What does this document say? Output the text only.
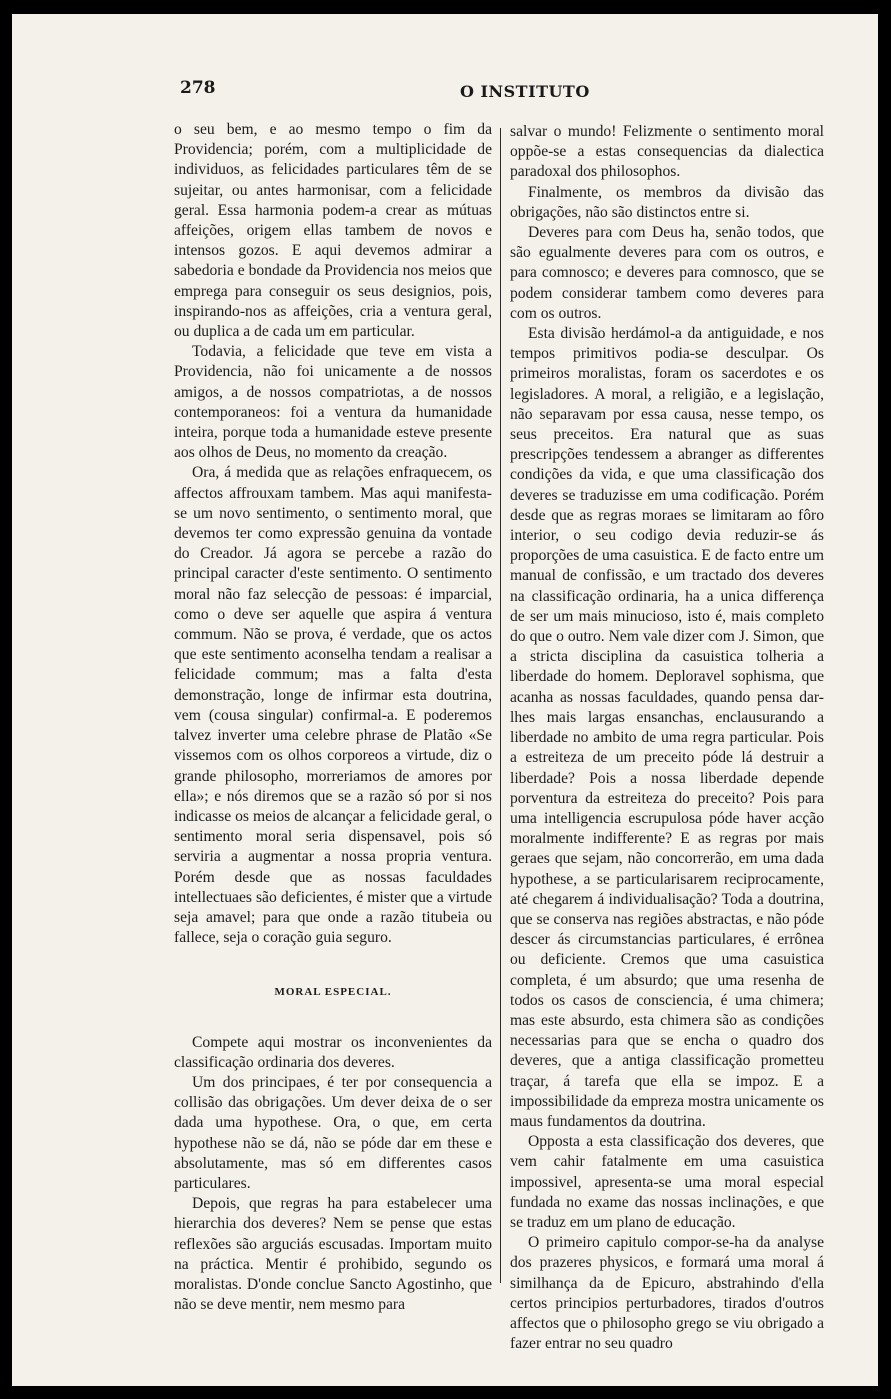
278	O INSTITUTO

o seu bem, e ao mesmo tempo o fim da Providencia; porém, com a multiplicidade de individuos, as felicidades particulares têm de se sujeitar, ou antes harmonisar, com a felicidade geral. Essa harmonia podem-a crear as mútuas affeições, origem ellas tambem de novos e intensos gozos. E aqui devemos admirar a sabedoria e bondade da Providencia nos meios que emprega para conseguir os seus designios, pois, inspirando-nos as affeições, cria a ventura geral, ou duplica a de cada um em particular.

Todavia, a felicidade que teve em vista a Providencia, não foi unicamente a de nossos amigos, a de nossos compatriotas, a de nossos contemporaneos: foi a ventura da humanidade inteira, porque toda a humanidade esteve presente aos olhos de Deus, no momento da creação.

Ora, á medida que as relações enfraquecem, os affectos affrouxam tambem. Mas aqui manifesta-se um novo sentimento, o sentimento moral, que devemos ter como expressão genuina da vontade do Creador. Já agora se percebe a razão do principal caracter d'este sentimento. O sentimento moral não faz selecção de pessoas: é imparcial, como o deve ser aquelle que aspira á ventura commum. Não se prova, é verdade, que os actos que este sentimento aconselha tendam a realisar a felicidade commum; mas a falta d'esta demonstração, longe de infirmar esta doutrina, vem (cousa singular) confirmal-a. E poderemos talvez inverter uma celebre phrase de Platão «Se vissemos com os olhos corporeos a virtude, diz o grande philosopho, morreriamos de amores por ella»; e nós diremos que se a razão só por si nos indicasse os meios de alcançar a felicidade geral, o sentimento moral seria dispensavel, pois só serviria a augmentar a nossa propria ventura. Porém desde que as nossas faculdades intellectuaes são deficientes, é mister que a virtude seja amavel; para que onde a razão titubeia ou fallece, seja o coração guia seguro.

MORAL ESPECIAL.

Compete aqui mostrar os inconvenientes da classificação ordinaria dos deveres.

Um dos principaes, é ter por consequencia a collisão das obrigações. Um dever deixa de o ser dada uma hypothese. Ora, o que, em certa hypothese não se dá, não se póde dar em these e absolutamente, mas só em differentes casos particulares.

Depois, que regras ha para estabelecer uma hierarchia dos deveres? Nem se pense que estas reflexões são arguciás escusadas. Importam muito na práctica. Mentir é prohibido, segundo os moralistas. D'onde conclue Sancto Agostinho, que não se deve mentir, nem mesmo para

salvar o mundo! Felizmente o sentimento moral oppõe-se a estas consequencias da dialectica paradoxal dos philosophos.

Finalmente, os membros da divisão das obrigações, não são distinctos entre si.

Deveres para com Deus ha, senão todos, que são egualmente deveres para com os outros, e para comnosco; e deveres para comnosco, que se podem considerar tambem como deveres para com os outros.

Esta divisão herdámol-a da antiguidade, e nos tempos primitivos podia-se desculpar. Os primeiros moralistas, foram os sacerdotes e os legisladores. A moral, a religião, e a legislação, não separavam por essa causa, nesse tempo, os seus preceitos. Era natural que as suas prescripções tendessem a abranger as differentes condições da vida, e que uma classificação dos deveres se traduzisse em uma codificação. Porém desde que as regras moraes se limitaram ao fôro interior, o seu codigo devia reduzir-se ás proporções de uma casuistica. E de facto entre um manual de confissão, e um tractado dos deveres na classificação ordinaria, ha a unica differença de ser um mais minucioso, isto é, mais completo do que o outro. Nem vale dizer com J. Simon, que a stricta disciplina da casuistica tolheria a liberdade do homem. Deploravel sophisma, que acanha as nossas faculdades, quando pensa dar-lhes mais largas ensanchas, enclausurando a liberdade no ambito de uma regra particular. Pois a estreiteza de um preceito póde lá destruir a liberdade? Pois a nossa liberdade depende porventura da estreiteza do preceito? Pois para uma intelligencia escrupulosa póde haver acção moralmente indifferente? E as regras por mais geraes que sejam, não concorrerão, em uma dada hypothese, a se particularisarem reciprocamente, até chegarem á individualisação? Toda a doutrina, que se conserva nas regiões abstractas, e não póde descer ás circumstancias particulares, é errônea ou deficiente. Cremos que uma casuistica completa, é um absurdo; que uma resenha de todos os casos de consciencia, é uma chimera; mas este absurdo, esta chimera são as condições necessarias para que se encha o quadro dos deveres, que a antiga classificação prometteu traçar, á tarefa que ella se impoz. E a impossibilidade da empreza mostra unicamente os maus fundamentos da doutrina.

Opposta a esta classificação dos deveres, que vem cahir fatalmente em uma casuistica impossivel, apresenta-se uma moral especial fundada no exame das nossas inclinações, e que se traduz em um plano de educação.

O primeiro capitulo compor-se-ha da analyse dos prazeres physicos, e formará uma moral á similhança da de Epicuro, abstrahindo d'ella certos principios perturbadores, tirados d'outros affectos que o philosopho grego se viu obrigado a fazer entrar no seu quadro
